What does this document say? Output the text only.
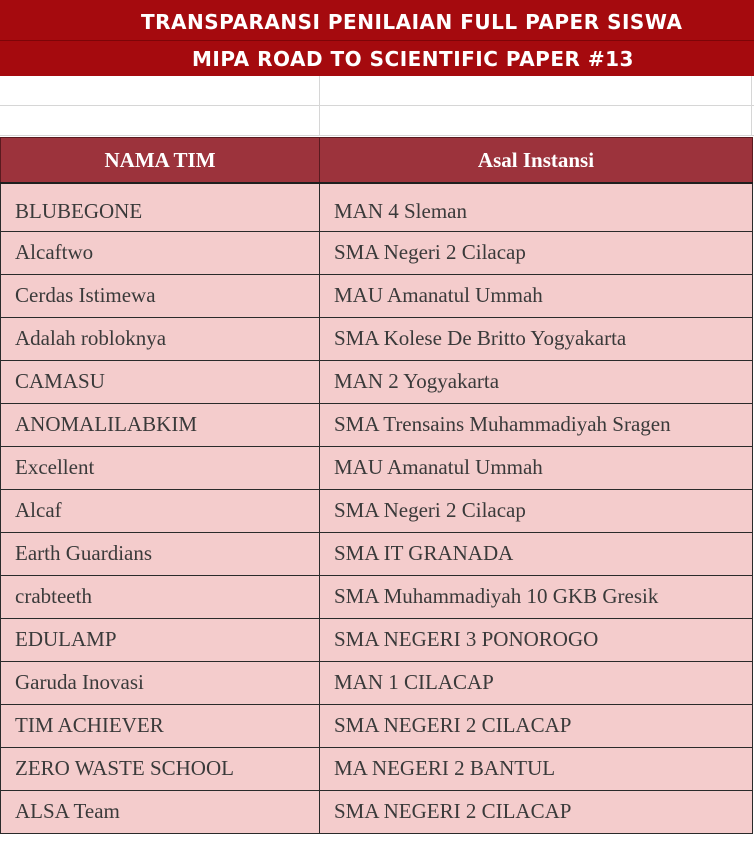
TRANSPARANSI PENILAIAN FULL PAPER SISWA
MIPA ROAD TO SCIENTIFIC PAPER #13
NAMA TIM	Asal Instansi
BLUBEGONE	MAN 4 Sleman
Alcaftwo	SMA Negeri 2 Cilacap
Cerdas Istimewa	MAU Amanatul Ummah
Adalah robloknya	SMA Kolese De Britto Yogyakarta
CAMASU	MAN 2 Yogyakarta
ANOMALILABKIM	SMA Trensains Muhammadiyah Sragen
Excellent	MAU Amanatul Ummah
Alcaf	SMA Negeri 2 Cilacap
Earth Guardians	SMA IT GRANADA
crabteeth	SMA Muhammadiyah 10 GKB Gresik
EDULAMP	SMA NEGERI 3 PONOROGO
Garuda Inovasi	MAN 1 CILACAP
TIM ACHIEVER	SMA NEGERI 2 CILACAP
ZERO WASTE SCHOOL	MA NEGERI 2 BANTUL
ALSA Team	SMA NEGERI 2 CILACAP
